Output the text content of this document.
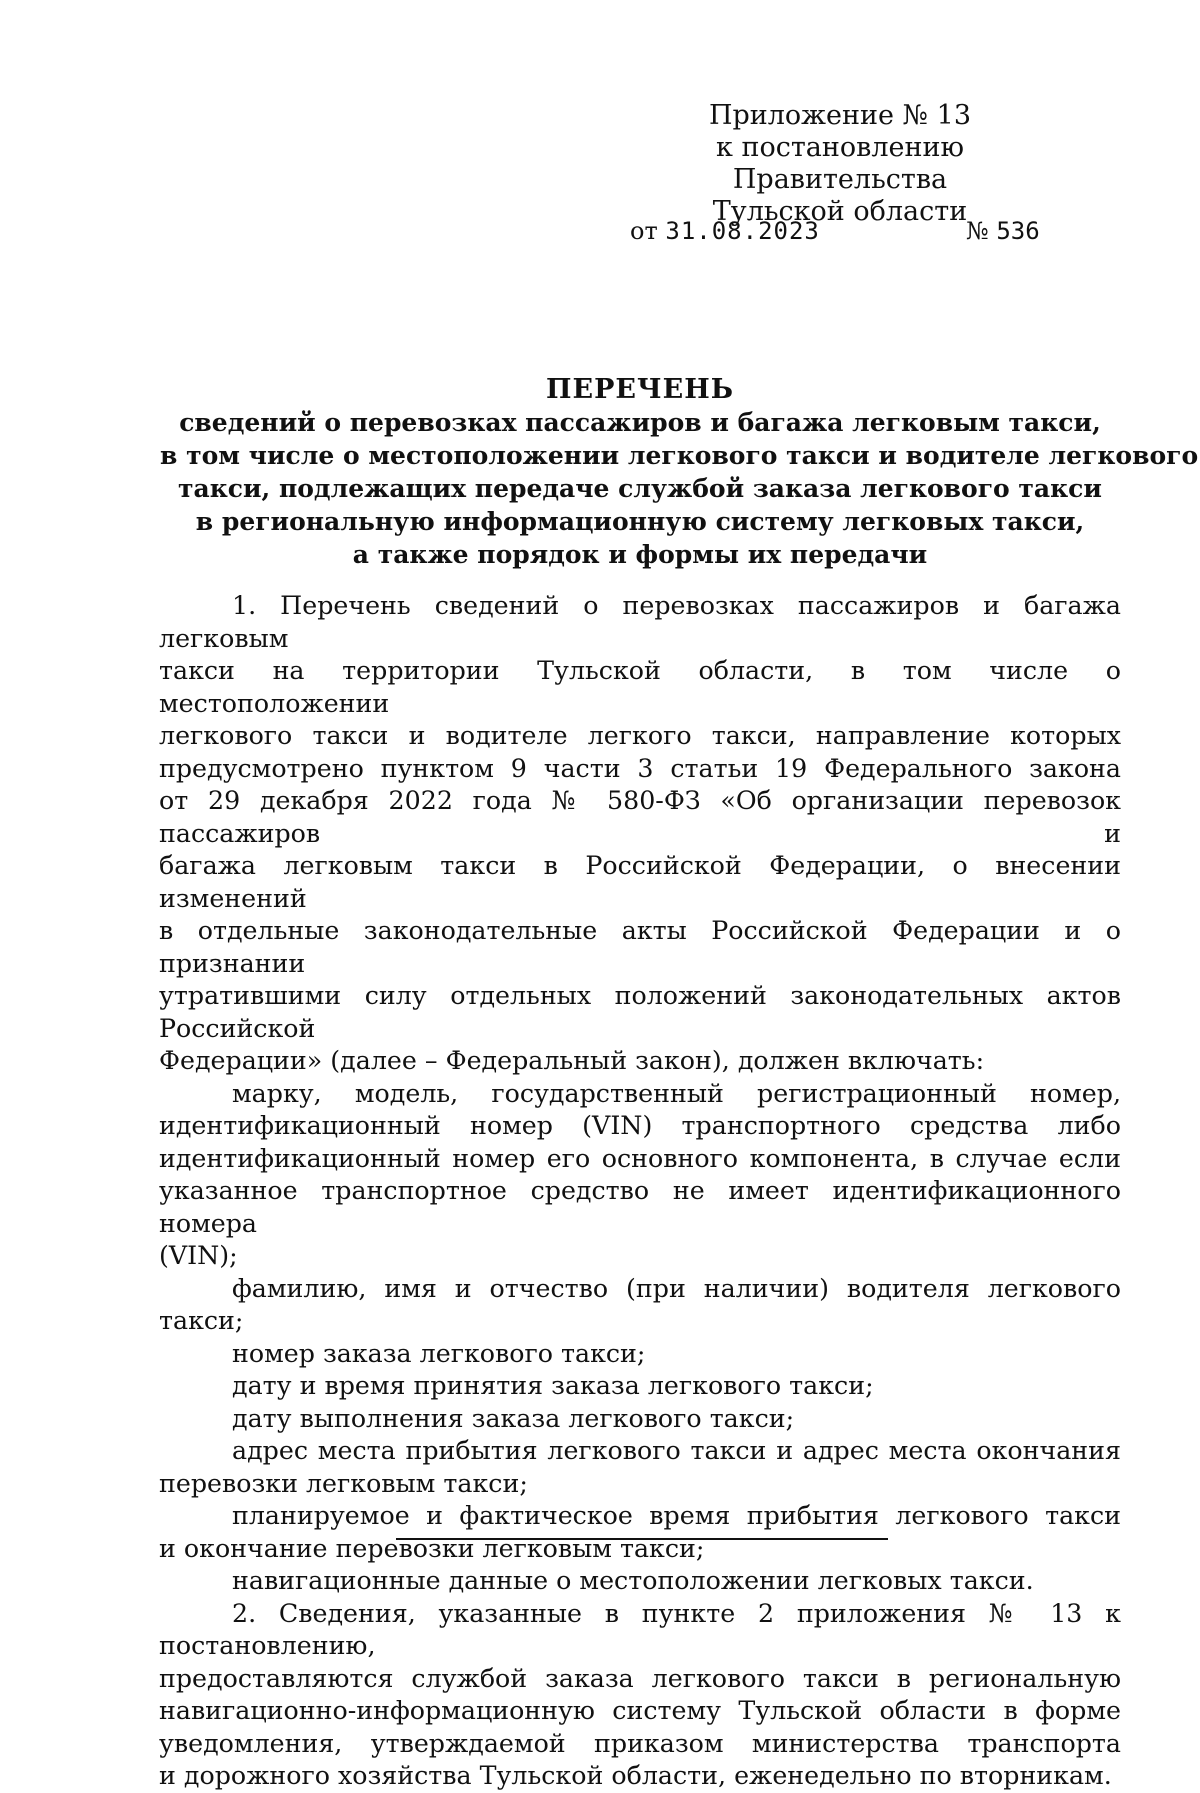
Приложение № 13
к постановлению Правительства
Тульской области
от 31.08.2023	№ 536
ПЕРЕЧЕНЬ
сведений о перевозках пассажиров и багажа легковым такси,
в том числе о местоположении легкового такси и водителе легкового
такси, подлежащих передаче службой заказа легкового такси
в региональную информационную систему легковых такси,
а также порядок и формы их передачи
1. Перечень сведений о перевозках пассажиров и багажа легковым
такси на территории Тульской области, в том числе о местоположении
легкового такси и водителе легкого такси, направление которых
предусмотрено пунктом 9 части 3 статьи 19 Федерального закона
от 29 декабря 2022 года № 580-ФЗ «Об организации перевозок пассажиров и
багажа легковым такси в Российской Федерации, о внесении изменений
в отдельные законодательные акты Российской Федерации и о признании
утратившими силу отдельных положений законодательных актов Российской
Федерации» (далее – Федеральный закон), должен включать:
марку, модель, государственный регистрационный номер,
идентификационный номер (VIN) транспортного средства либо
идентификационный номер его основного компонента, в случае если
указанное транспортное средство не имеет идентификационного номера
(VIN);
фамилию, имя и отчество (при наличии) водителя легкового такси;
номер заказа легкового такси;
дату и время принятия заказа легкового такси;
дату выполнения заказа легкового такси;
адрес места прибытия легкового такси и адрес места окончания
перевозки легковым такси;
планируемое и фактическое время прибытия легкового такси
и окончание перевозки легковым такси;
навигационные данные о местоположении легковых такси.
2. Сведения, указанные в пункте 2 приложения № 13 к постановлению,
предоставляются службой заказа легкового такси в региональную
навигационно-информационную систему Тульской области в форме
уведомления, утверждаемой приказом министерства транспорта
и дорожного хозяйства Тульской области, еженедельно по вторникам.
